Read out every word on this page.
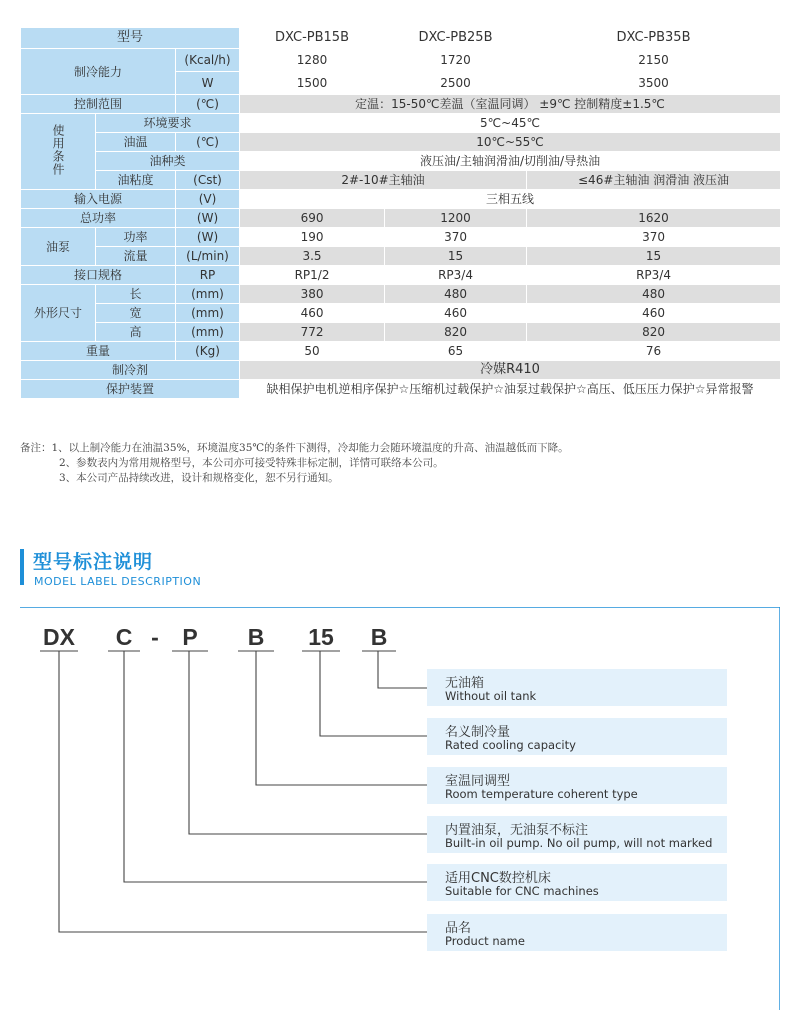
型号			DXC-PB15B	DXC-PB25B	DXC-PB35B
制冷能力		(Kcal/h)	1280	1720	2150
		W	1500	2500	3500
控制范围		(℃)	定温：15-50℃差温（室温同调） ±9℃ 控制精度±1.5℃		
使用条件	环境要求		5℃~45℃		
	油温	(℃)	10℃~55℃		
	油种类		液压油/主轴润滑油/切削油/导热油		
	油粘度	(Cst)	2#-10#主轴油		≤46#主轴油 润滑油 液压油
输入电源		(V)	三相五线		
总功率		(W)	690	1200	1620
油泵	功率	(W)	190	370	370
	流量	(L/min)	3.5	15	15
接口规格		RP	RP1/2	RP3/4	RP3/4
外形尺寸	长	(mm)	380	480	480
	宽	(mm)	460	460	460
	高	(mm)	772	820	820
重量		(Kg)	50	65	76
制冷剂			冷媒R410		
保护装置			缺相保护电机逆相序保护☆压缩机过载保护☆油泵过载保护☆高压、低压压力保护☆异常报警		
备注：1、以上制冷能力在油温35%，环境温度35℃的条件下测得，冷却能力会随环境温度的升高、油温越低而下降。
2、参数表内为常用规格型号，本公司亦可接受特殊非标定制，详情可联络本公司。
3、本公司产品持续改进，设计和规格变化，恕不另行通知。
型号标注说明
MODEL LABEL DESCRIPTION
DX	C -	P	B	15	B
无油箱
Without oil tank
名义制冷量
Rated cooling capacity
室温同调型
Room temperature coherent type
内置油泵，无油泵不标注
Built-in oil pump. No oil pump, will not marked
适用CNC数控机床
Suitable for CNC machines
品名
Product name
